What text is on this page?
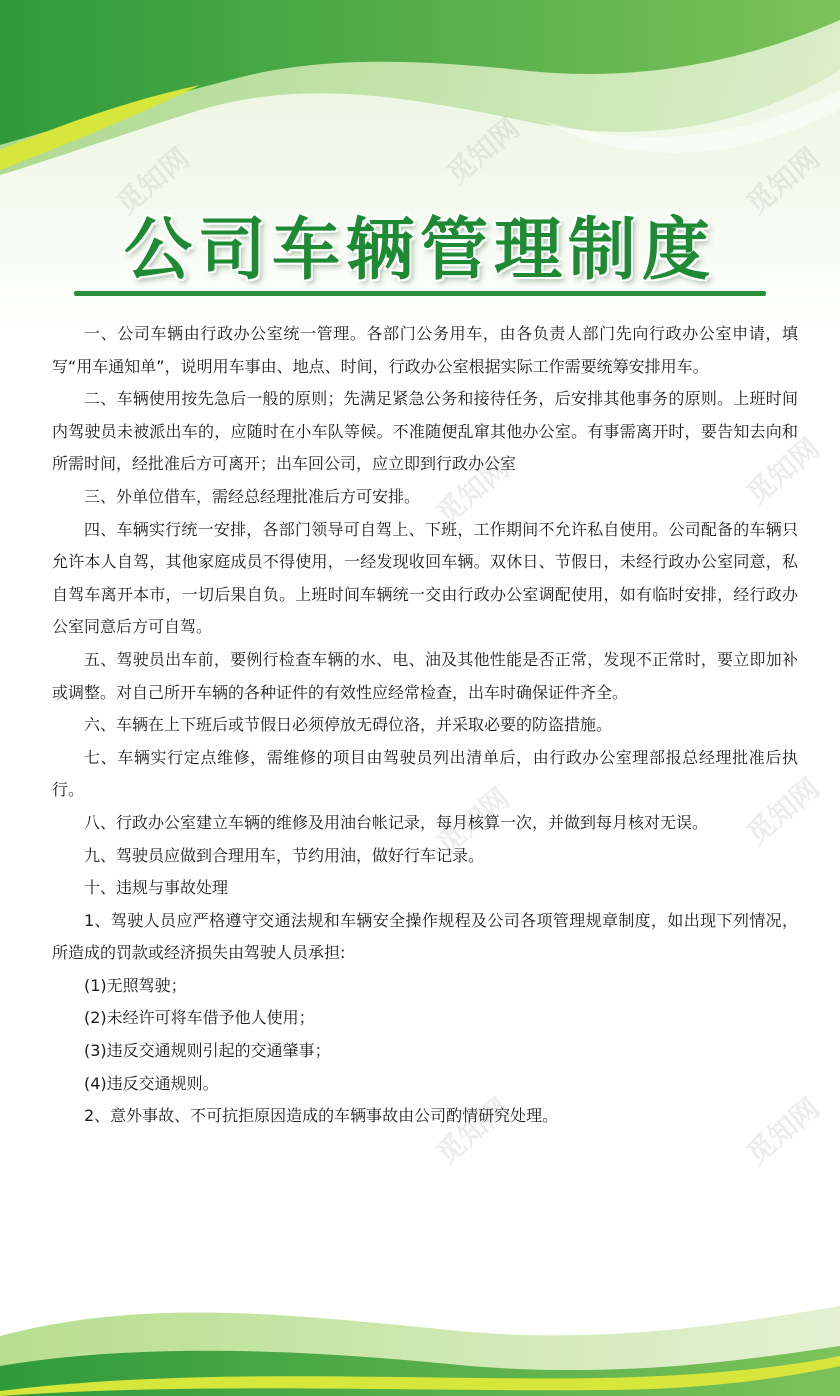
觅知网	觅知网
觅知网	觅知网
觅知网	觅知网
公司车辆管理制度

一、公司车辆由行政办公室统一管理。各部门公务用车，由各负责人部门先向行政办公室申请，填写“用车通知单”，说明用车事由、地点、时间，行政办公室根据实际工作需要统筹安排用车。

二、车辆使用按先急后一般的原则；先满足紧急公务和接待任务，后安排其他事务的原则。上班时间内驾驶员未被派出车的，应随时在小车队等候。不准随便乱窜其他办公室。有事需离开时，要告知去向和所需时间，经批准后方可离开；出车回公司，应立即到行政办公室

三、外单位借车，需经总经理批准后方可安排。

四、车辆实行统一安排，各部门领导可自驾上、下班，工作期间不允许私自使用。公司配备的车辆只允许本人自驾，其他家庭成员不得使用，一经发现收回车辆。双休日、节假日，未经行政办公室同意，私自驾车离开本市，一切后果自负。上班时间车辆统一交由行政办公室调配使用，如有临时安排，经行政办公室同意后方可自驾。

五、驾驶员出车前，要例行检查车辆的水、电、油及其他性能是否正常，发现不正常时，要立即加补或调整。对自己所开车辆的各种证件的有效性应经常检查，出车时确保证件齐全。

六、车辆在上下班后或节假日必须停放无碍位洛，并采取必要的防盗措施。

七、车辆实行定点维修，需维修的项目由驾驶员列出清单后，由行政办公室理部报总经理批准后执行。

八、行政办公室建立车辆的维修及用油台帐记录，每月核算一次，并做到每月核对无误。

九、驾驶员应做到合理用车，节约用油，做好行车记录。

十、违规与事故处理

1、驾驶人员应严格遵守交通法规和车辆安全操作规程及公司各项管理规章制度，如出现下列情况，所造成的罚款或经济损失由驾驶人员承担:

(1)无照驾驶；

(2)未经许可将车借予他人使用；

(3)违反交通规则引起的交通肇事；

(4)违反交通规则。

2、意外事故、不可抗拒原因造成的车辆事故由公司酌情研究处理。
